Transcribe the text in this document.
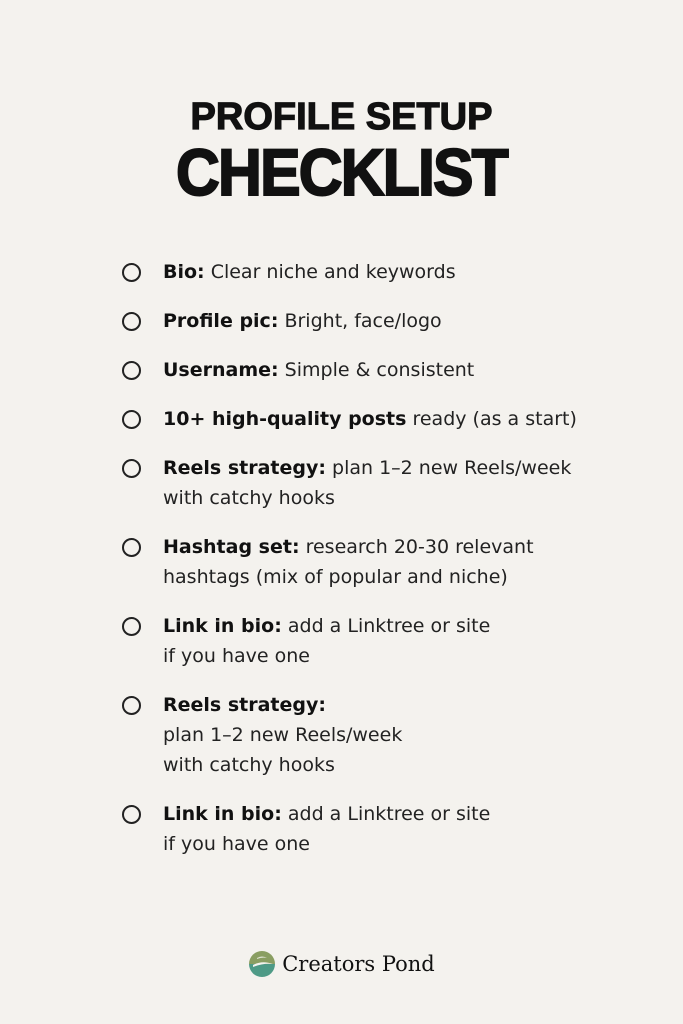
PROFILE SETUP
CHECKLIST
Bio: Clear niche and keywords
Profile pic: Bright, face/logo
Username: Simple & consistent
10+ high-quality posts ready (as a start)
Reels strategy: plan 1–2 new Reels/week
with catchy hooks
Hashtag set: research 20-30 relevant
hashtags (mix of popular and niche)
Link in bio: add a Linktree or site
if you have one
Reels strategy:
plan 1–2 new Reels/week
with catchy hooks
Link in bio: add a Linktree or site
if you have one
Creators Pond
